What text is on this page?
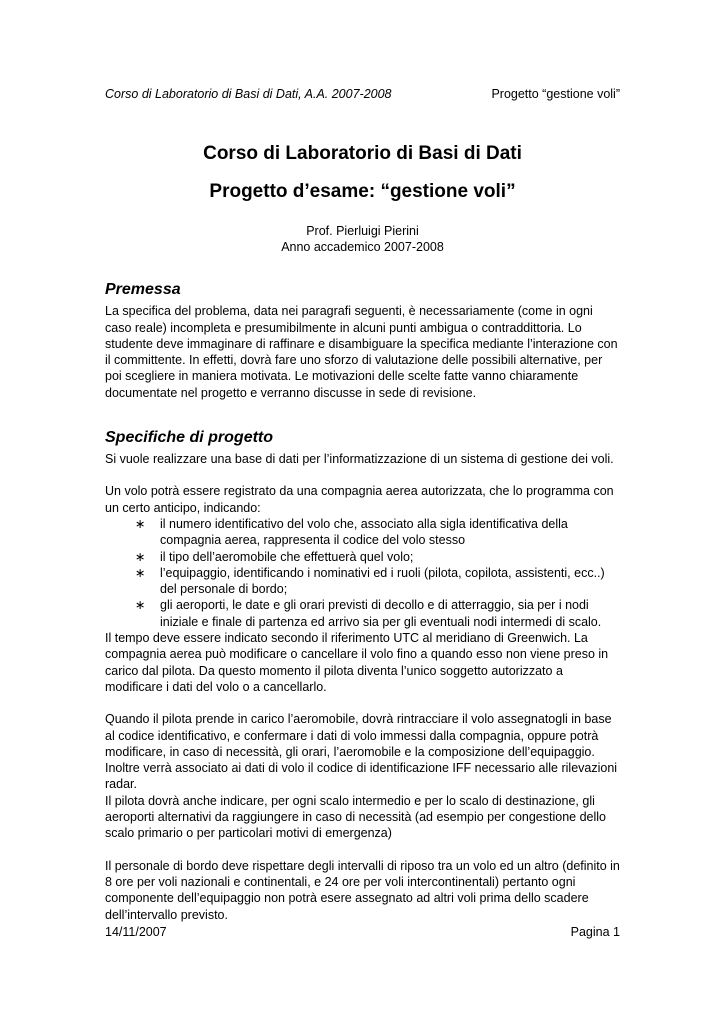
Corso di Laboratorio di Basi di Dati, A.A. 2007-2008	Progetto “gestione voli”
Corso di Laboratorio di Basi di Dati
Progetto d’esame: “gestione voli”
Prof. Pierluigi Pierini
Anno accademico 2007-2008
Premessa

La specifica del problema, data nei paragrafi seguenti, è necessariamente (come in ogni caso reale) incompleta e presumibilmente in alcuni punti ambigua o contraddittoria. Lo studente deve immaginare di raffinare e disambiguare la specifica mediante l’interazione con il committente. In effetti, dovrà fare uno sforzo di valutazione delle possibili alternative, per poi scegliere in maniera motivata. Le motivazioni delle scelte fatte vanno chiaramente documentate nel progetto e verranno discusse in sede di revisione.

Specifiche di progetto

Si vuole realizzare una base di dati per l’informatizzazione di un sistema di gestione dei voli.

Un volo potrà essere registrato da una compagnia aerea autorizzata, che lo programma con un certo anticipo, indicando:

∗	il numero identificativo del volo che, associato alla sigla identificativa della compagnia aerea, rappresenta il codice del volo stesso
∗	il tipo dell’aeromobile che effettuerà quel volo;
∗	l’equipaggio, identificando i nominativi ed i ruoli (pilota, copilota, assistenti, ecc..) del personale di bordo;
∗	gli aeroporti, le date e gli orari previsti di decollo e di atterraggio, sia per i nodi iniziale e finale di partenza ed arrivo sia per gli eventuali nodi intermedi di scalo.

Il tempo deve essere indicato secondo il riferimento UTC al meridiano di Greenwich. La compagnia aerea può modificare o cancellare il volo fino a quando esso non viene preso in carico dal pilota. Da questo momento il pilota diventa l’unico soggetto autorizzato a modificare i dati del volo o a cancellarlo.

Quando il pilota prende in carico l’aeromobile, dovrà rintracciare il volo assegnatogli in base al codice identificativo, e confermare i dati di volo immessi dalla compagnia, oppure potrà modificare, in caso di necessità, gli orari, l’aeromobile e la composizione dell’equipaggio. Inoltre verrà associato ai dati di volo il codice di identificazione IFF necessario alle rilevazioni radar.

Il pilota dovrà anche indicare, per ogni scalo intermedio e per lo scalo di destinazione, gli aeroporti alternativi da raggiungere in caso di necessità (ad esempio per congestione dello scalo primario o per particolari motivi di emergenza)

Il personale di bordo deve rispettare degli intervalli di riposo tra un volo ed un altro (definito in 8 ore per voli nazionali e continentali, e 24 ore per voli intercontinentali) pertanto ogni componente dell’equipaggio non potrà esere assegnato ad altri voli prima dello scadere dell’intervallo previsto.

14/11/2007	Pagina 1
